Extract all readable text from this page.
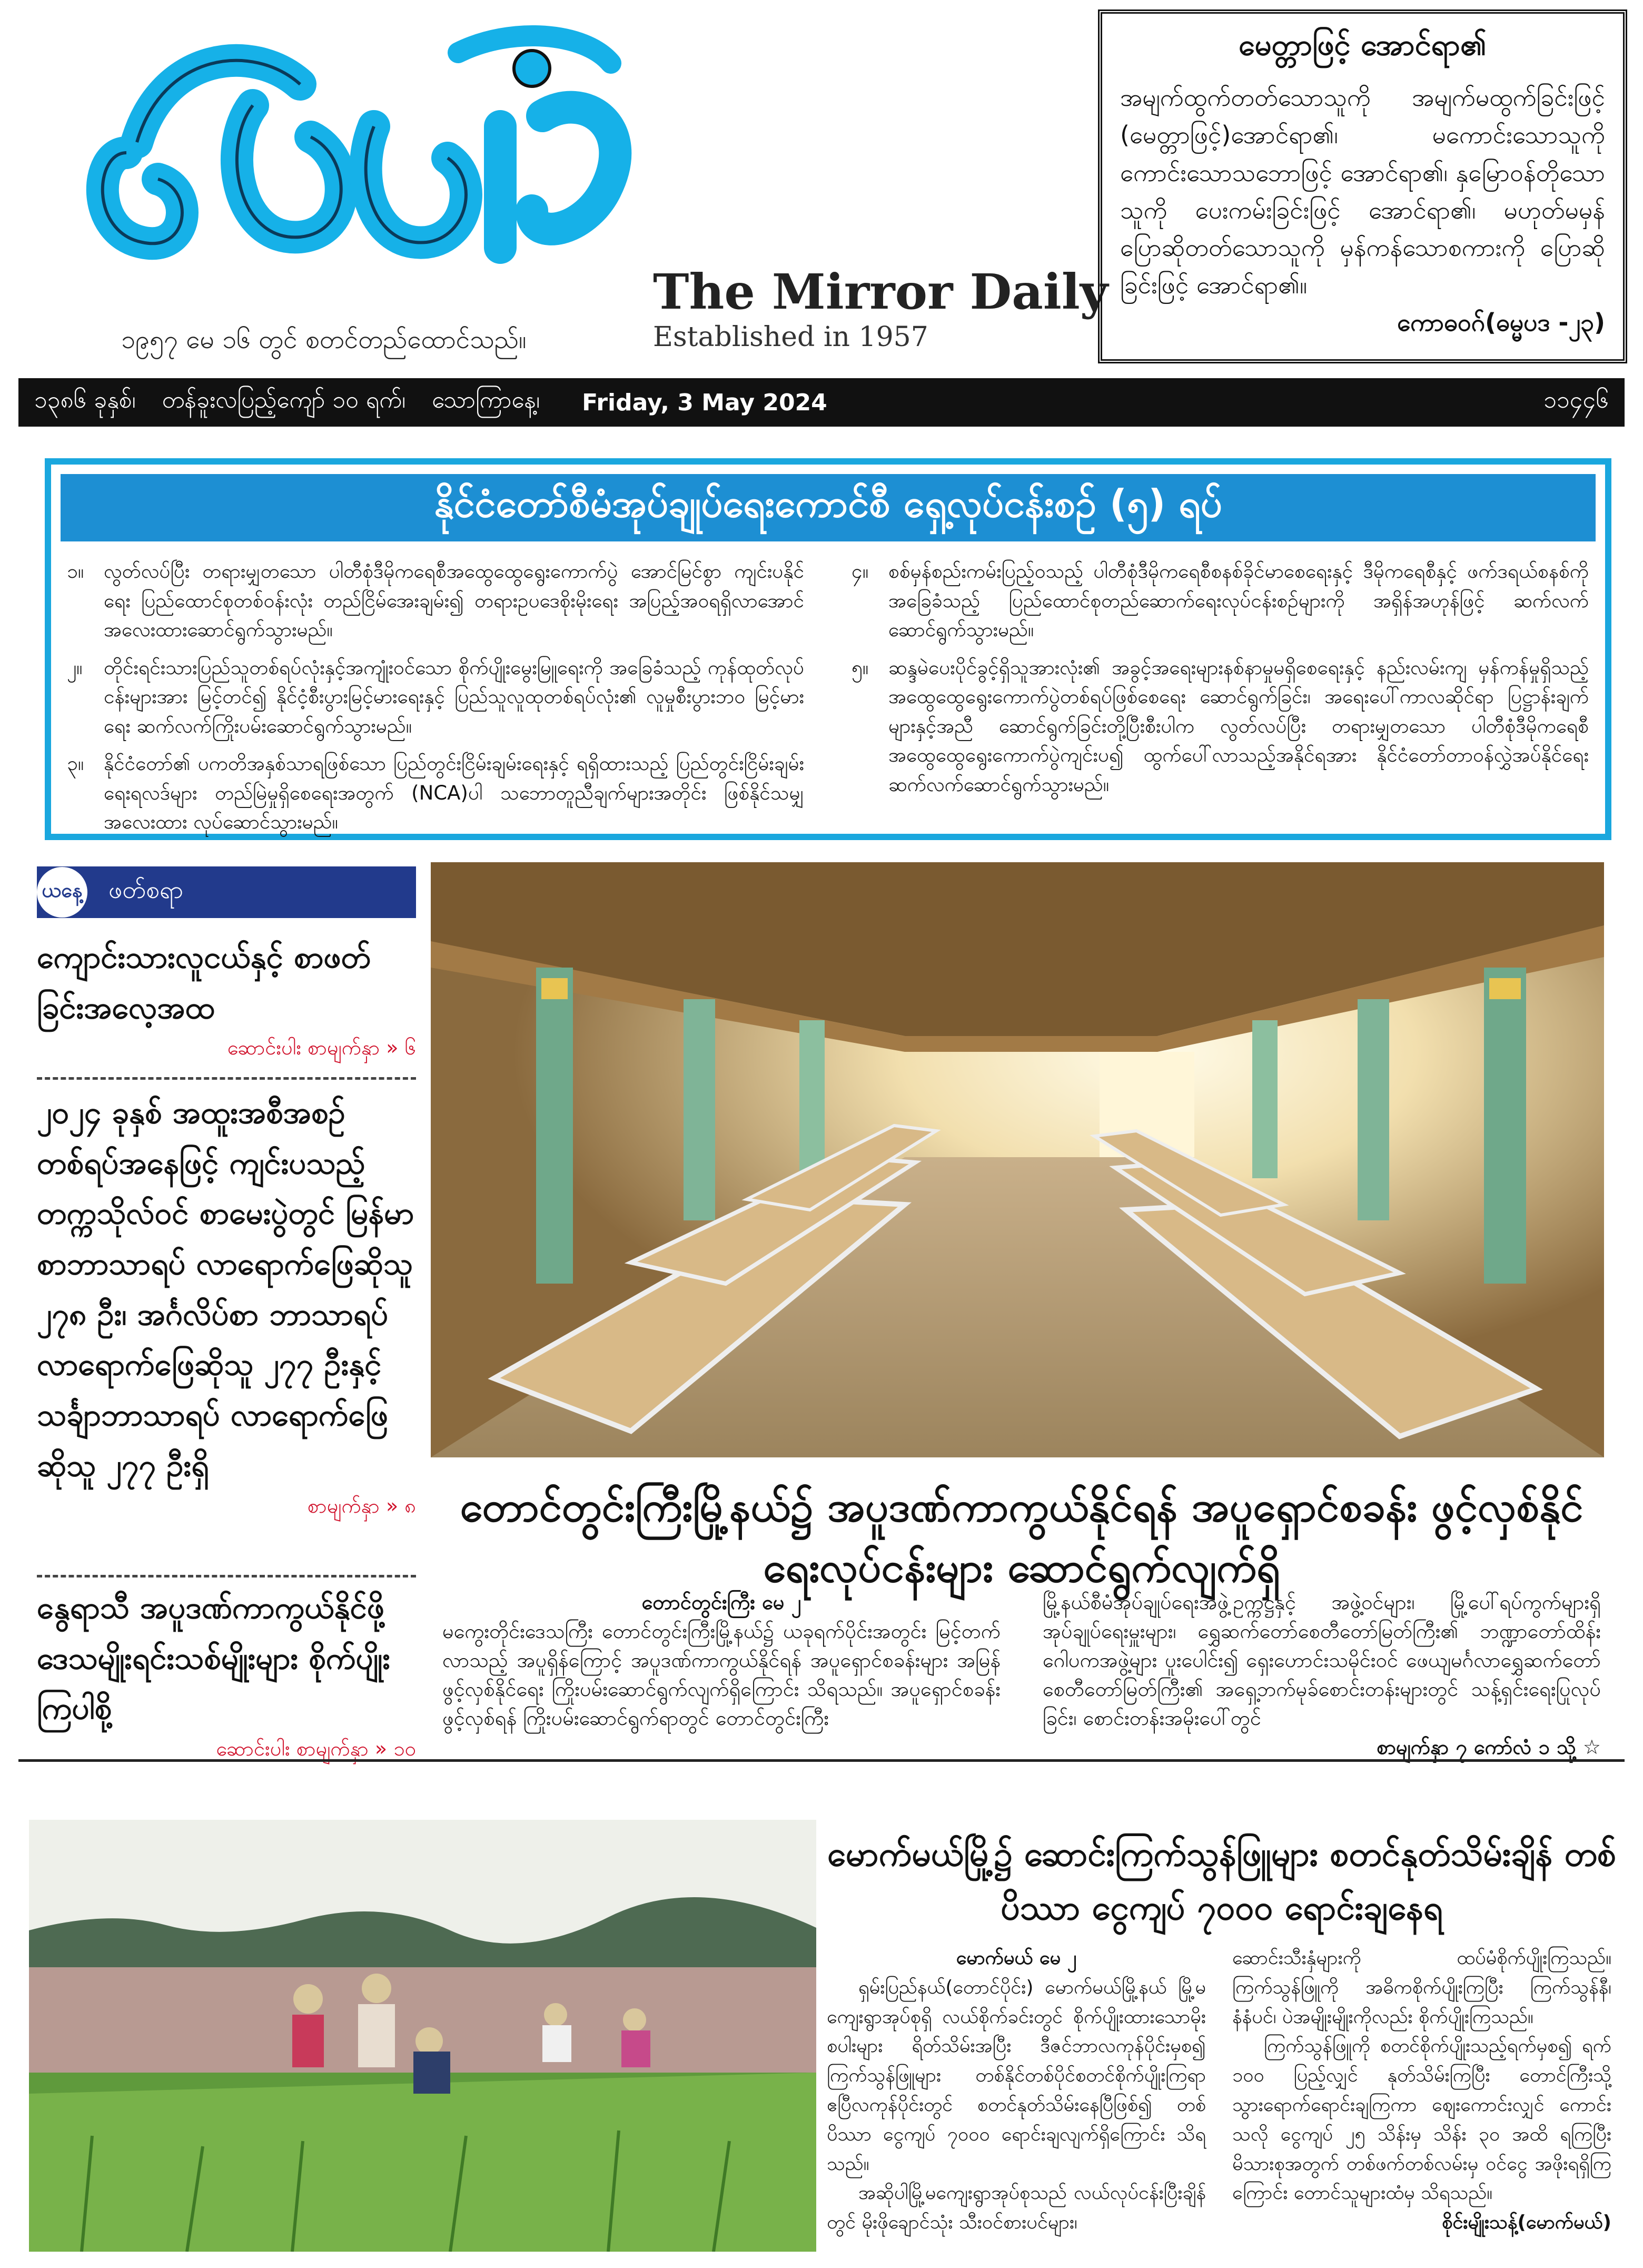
The Mirror Daily
Established in 1957
၁၉၅၇ မေ ၁၆ တွင် စတင်တည်ထောင်သည်။
မေတ္တာဖြင့် အောင်ရာ၏
အမျက်ထွက်တတ်သောသူကို အမျက်မထွက်ခြင်းဖြင့် (မေတ္တာဖြင့်)အောင်ရာ၏၊ မကောင်းသောသူကို ကောင်းသောသဘောဖြင့် အောင်ရာ၏၊ နှမြောဝန်တိုသောသူကို ပေးကမ်းခြင်းဖြင့် အောင်ရာ၏၊ မဟုတ်မမှန် ပြောဆိုတတ်သောသူကို မှန်ကန်သောစကားကို ပြောဆိုခြင်းဖြင့် အောင်ရာ၏။
ကောဓဝဂ်(ဓမ္မပဒ -၂၃)
၁၃၈၆ ခုနှစ်၊ တန်ခူးလပြည့်ကျော် ၁၀ ရက်၊ သောကြာနေ့၊ Friday, 3 May 2024	၁၁၄၄၆
နိုင်ငံတော်စီမံအုပ်ချုပ်ရေးကောင်စီ ရှေ့လုပ်ငန်းစဉ် (၅) ရပ်
၁။	လွတ်လပ်ပြီး တရားမျှတသော ပါတီစုံဒီမိုကရေစီအထွေထွေရွေးကောက်ပွဲ အောင်မြင်စွာ ကျင်းပနိုင်ရေး ပြည်ထောင်စုတစ်ဝန်းလုံး တည်ငြိမ်အေးချမ်း၍ တရားဥပဒေစိုးမိုးရေး အပြည့်အဝရရှိလာအောင် အလေးထားဆောင်ရွက်သွားမည်။
၂။	တိုင်းရင်းသားပြည်သူတစ်ရပ်လုံးနှင့်အကျုံးဝင်သော စိုက်ပျိုးမွေးမြူရေးကို အခြေခံသည့် ကုန်ထုတ်လုပ်ငန်းများအား မြင့်တင်၍ နိုင်ငံ့စီးပွားမြင့်မားရေးနှင့် ပြည်သူလူထုတစ်ရပ်လုံး၏ လူမှုစီးပွားဘဝ မြင့်မားရေး ဆက်လက်ကြိုးပမ်းဆောင်ရွက်သွားမည်။
၃။	နိုင်ငံတော်၏ ပကတိအနှစ်သာရဖြစ်သော ပြည်တွင်းငြိမ်းချမ်းရေးနှင့် ရရှိထားသည့် ပြည်တွင်းငြိမ်းချမ်းရေးရလဒ်များ တည်မြဲမှုရှိစေရေးအတွက် (NCA)ပါ သဘောတူညီချက်များအတိုင်း ဖြစ်နိုင်သမျှ အလေးထား လုပ်ဆောင်သွားမည်။
၄။	စစ်မှန်စည်းကမ်းပြည့်ဝသည့် ပါတီစုံဒီမိုကရေစီစနစ်ခိုင်မာစေရေးနှင့် ဒီမိုကရေစီနှင့် ဖက်ဒရယ်စနစ်ကို အခြေခံသည့် ပြည်ထောင်စုတည်ဆောက်ရေးလုပ်ငန်းစဉ်များကို အရှိန်အဟုန်ဖြင့် ဆက်လက်ဆောင်ရွက်သွားမည်။
၅။	ဆန္ဒမဲပေးပိုင်ခွင့်ရှိသူအားလုံး၏ အခွင့်အရေးများနစ်နာမှုမရှိစေရေးနှင့် နည်းလမ်းကျ မှန်ကန်မှုရှိသည့် အထွေထွေရွေးကောက်ပွဲတစ်ရပ်ဖြစ်စေရေး ဆောင်ရွက်ခြင်း၊ အရေးပေါ်ကာလဆိုင်ရာ ပြဋ္ဌာန်းချက်များနှင့်အညီ ဆောင်ရွက်ခြင်းတို့ပြီးစီးပါက လွတ်လပ်ပြီး တရားမျှတသော ပါတီစုံဒီမိုကရေစီ အထွေထွေရွေးကောက်ပွဲကျင်းပ၍ ထွက်ပေါ်လာသည့်အနိုင်ရအား နိုင်ငံတော်တာဝန်လွှဲအပ်နိုင်ရေး ဆက်လက်ဆောင်ရွက်သွားမည်။
ယနေ့ ဖတ်စရာ
ကျောင်းသားလူငယ်နှင့် စာဖတ်ခြင်းအလေ့အထ
ဆောင်းပါး စာမျက်နှာ » ၆
၂၀၂၄ ခုနှစ် အထူးအစီအစဉ်တစ်ရပ်အနေဖြင့် ကျင်းပသည့် တက္ကသိုလ်ဝင် စာမေးပွဲတွင် မြန်မာစာဘာသာရပ် လာရောက်ဖြေဆိုသူ ၂၇၈ ဦး၊ အင်္ဂလိပ်စာ ဘာသာရပ် လာရောက်ဖြေဆိုသူ ၂၇၇ ဦးနှင့် သင်္ချာဘာသာရပ် လာရောက်ဖြေဆိုသူ ၂၇၇ ဦးရှိ
စာမျက်နှာ » ၈
နွေရာသီ အပူဒဏ်ကာကွယ်နိုင်ဖို့ ဒေသမျိုးရင်းသစ်မျိုးများ စိုက်ပျိုးကြပါစို့
ဆောင်းပါး စာမျက်နှာ » ၁၀
တောင်တွင်းကြီးမြို့နယ်၌ အပူဒဏ်ကာကွယ်နိုင်ရန် အပူရှောင်စခန်း ဖွင့်လှစ်နိုင်ရေးလုပ်ငန်းများ ဆောင်ရွက်လျက်ရှိ
တောင်တွင်းကြီး မေ ၂
မကွေးတိုင်းဒေသကြီး တောင်တွင်းကြီးမြို့နယ်၌ ယခုရက်ပိုင်းအတွင်း မြင့်တက်လာသည့် အပူရှိန်ကြောင့် အပူဒဏ်ကာကွယ်နိုင်ရန် အပူရှောင်စခန်းများ အမြန်ဖွင့်လှစ်နိုင်ရေး ကြိုးပမ်းဆောင်ရွက်လျက်ရှိကြောင်း သိရသည်။ အပူရှောင်စခန်းဖွင့်လှစ်ရန် ကြိုးပမ်းဆောင်ရွက်ရာတွင် တောင်တွင်းကြီး
မြို့နယ်စီမံအုပ်ချုပ်ရေးအဖွဲ့ဥက္ကဋ္ဌနှင့် အဖွဲ့ဝင်များ၊ မြို့ပေါ်ရပ်ကွက်များရှိ အုပ်ချုပ်ရေးမှူးများ၊ ရွှေဆက်တော်စေတီတော်မြတ်ကြီး၏ ဘဏ္ဍာတော်ထိန်း ဂေါပကအဖွဲ့များ ပူးပေါင်း၍ ရှေးဟောင်းသမိုင်းဝင် ဖေယျမင်္ဂလာရွှေဆက်တော် စေတီတော်မြတ်ကြီး၏ အရှေ့ဘက်မုခ်စောင်းတန်းများတွင် သန့်ရှင်းရေးပြုလုပ်ခြင်း၊ စောင်းတန်းအမိုးပေါ်တွင်
စာမျက်နှာ ၇ ကော်လံ ၁ သို့ ☆
မောက်မယ်မြို့၌ ဆောင်းကြက်သွန်ဖြူများ စတင်နုတ်သိမ်းချိန် တစ်ပိဿာ ငွေကျပ် ၇၀၀၀ ရောင်းချနေရ
မောက်မယ် မေ ၂

ရှမ်းပြည်နယ်(တောင်ပိုင်း) မောက်မယ်မြို့နယ် မြို့မကျေးရွာအုပ်စုရှိ လယ်စိုက်ခင်းတွင် စိုက်ပျိုးထားသောမိုးစပါးများ ရိတ်သိမ်းအပြီး ဒီဇင်ဘာလကုန်ပိုင်းမှစ၍ ကြက်သွန်ဖြူများ တစ်နိုင်တစ်ပိုင်စတင်စိုက်ပျိုးကြရာ ဧပြီလကုန်ပိုင်းတွင် စတင်နုတ်သိမ်းနေပြီဖြစ်၍ တစ်ပိဿာ ငွေကျပ် ၇၀၀၀ ရောင်းချလျက်ရှိကြောင်း သိရသည်။

အဆိုပါမြို့မကျေးရွာအုပ်စုသည် လယ်လုပ်ငန်းပြီးချိန်တွင် မိုးဖိုချောင်သုံး သီးဝင်စားပင်များ၊

ဆောင်းသီးနှံများကို ထပ်မံစိုက်ပျိုးကြသည်။ ကြက်သွန်ဖြူကို အဓိကစိုက်ပျိုးကြပြီး ကြက်သွန်နီ၊ နံနံပင်၊ ပဲအမျိုးမျိုးကိုလည်း စိုက်ပျိုးကြသည်။

ကြက်သွန်ဖြူကို စတင်စိုက်ပျိုးသည့်ရက်မှစ၍ ရက် ၁၀၀ ပြည့်လျှင် နုတ်သိမ်းကြပြီး တောင်ကြီးသို့ သွားရောက်ရောင်းချကြကာ ဈေးကောင်းလျှင် ကောင်းသလို ငွေကျပ် ၂၅ သိန်းမှ သိန်း ၃၀ အထိ ရကြပြီး မိသားစုအတွက် တစ်ဖက်တစ်လမ်းမှ ဝင်ငွေ အဖိုးရရှိကြကြောင်း တောင်သူများထံမှ သိရသည်။

စိုင်းမျိုးသန့်(မောက်မယ်)
